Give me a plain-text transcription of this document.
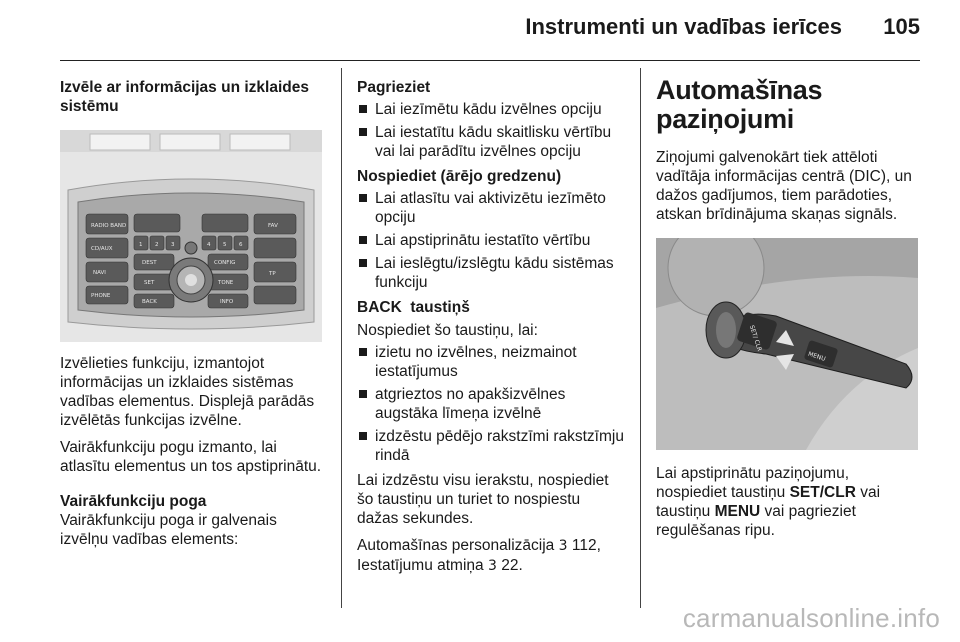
Instrumenti un vadības ierīces 105

Izvēle ar informācijas un izklaides sistēmu

RADIO BAND
CD/AUX
NAVI
PHONE
FAV
CONFIG
TONE
INFO
BACK
DEST
SET
TP
1 2 3	4 5 6

Izvēlieties funkciju, izmantojot informācijas un izklaides sistēmas vadības elementus. Displejā parādās izvēlētās funkcijas izvēlne.

Vairākfunkciju pogu izmanto, lai atlasītu elementus un tos apstiprinātu.

Vairākfunkciju poga

Vairākfunkciju poga ir galvenais izvēlņu vadības elements:

Pagrieziet

Lai iezīmētu kādu izvēlnes opciju
Lai iestatītu kādu skaitlisku vērtību vai lai parādītu izvēlnes opciju

Nospiediet (ārējo gredzenu)

Lai atlasītu vai aktivizētu iezīmēto opciju
Lai apstiprinātu iestatīto vērtību
Lai ieslēgtu/izslēgtu kādu sistēmas funkciju

BACK  taustiņš

Nospiediet šo taustiņu, lai:

izietu no izvēlnes, neizmainot iestatījumus
atgrieztos no apakšizvēlnes augstāka līmeņa izvēlnē
izdzēstu pēdējo rakstzīmi rakstzīmju rindā

Lai izdzēstu visu ierakstu, nospiediet šo taustiņu un turiet to nospiestu dažas sekundes.

Automašīnas personalizācija 3 112,
Iestatījumu atmiņa 3 22.

Automašīnas paziņojumi

Ziņojumi galvenokārt tiek attēloti vadītāja informācijas centrā (DIC), un dažos gadījumos, tiem parādoties, atskan brīdinājuma skaņas signāls.

SET/ CLR
MENU

Lai apstiprinātu paziņojumu, nospiediet taustiņu SET/CLR vai taustiņu MENU vai pagrieziet regulēšanas ripu.

carmanualsonline.info
